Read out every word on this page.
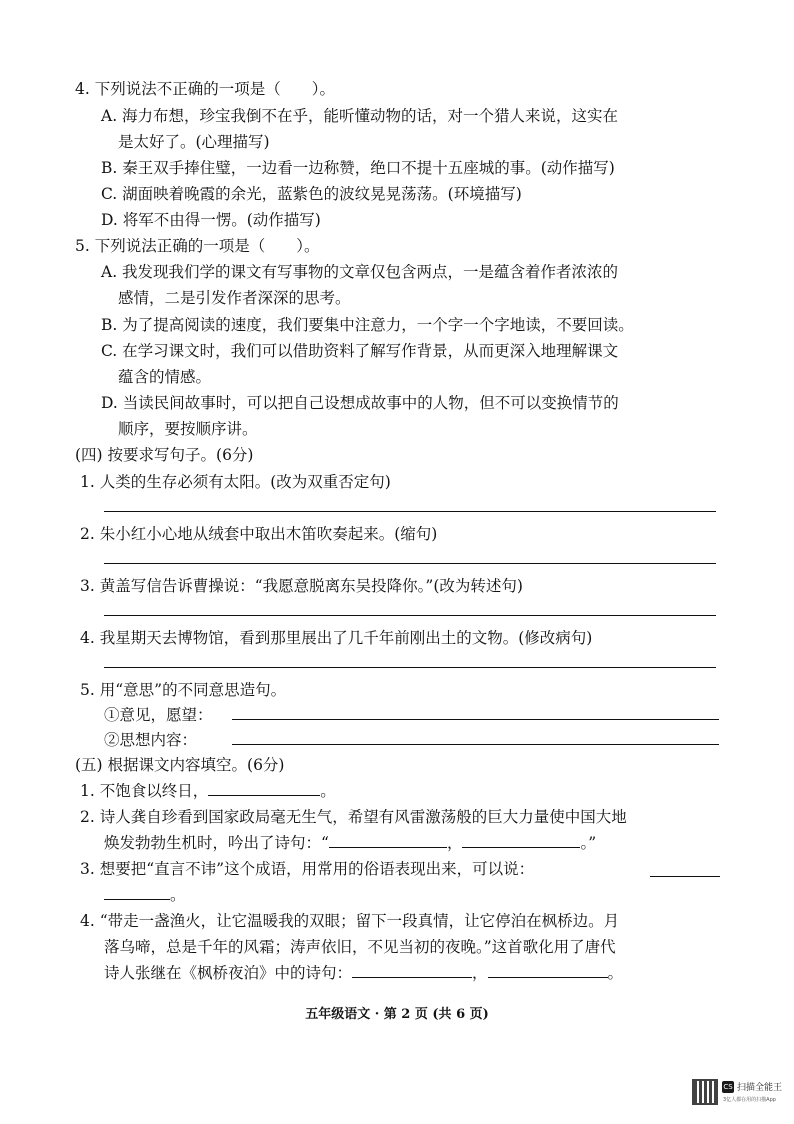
4. 下列说法不正确的一项是（　　）。
A. 海力布想，珍宝我倒不在乎，能听懂动物的话，对一个猎人来说，这实在
是太好了。(心理描写)
B. 秦王双手捧住璧，一边看一边称赞，绝口不提十五座城的事。(动作描写)
C. 湖面映着晚霞的余光，蓝紫色的波纹晃晃荡荡。(环境描写)
D. 将军不由得一愣。(动作描写)
5. 下列说法正确的一项是（　　）。
A. 我发现我们学的课文有写事物的文章仅包含两点，一是蕴含着作者浓浓的
感情，二是引发作者深深的思考。
B. 为了提高阅读的速度，我们要集中注意力，一个字一个字地读，不要回读。
C. 在学习课文时，我们可以借助资料了解写作背景，从而更深入地理解课文
蕴含的情感。
D. 当读民间故事时，可以把自己设想成故事中的人物，但不可以变换情节的
顺序，要按顺序讲。
(四) 按要求写句子。(6分)
1. 人类的生存必须有太阳。(改为双重否定句)
2. 朱小红小心地从绒套中取出木笛吹奏起来。(缩句)
3. 黄盖写信告诉曹操说：“我愿意脱离东吴投降你。”(改为转述句)
4. 我星期天去博物馆，看到那里展出了几千年前刚出土的文物。(修改病句)
5. 用“意思”的不同意思造句。
①意见，愿望：
②思想内容：
(五) 根据课文内容填空。(6分)
1. 不饱食以终日，	。
2. 诗人龚自珍看到国家政局毫无生气，希望有风雷激荡般的巨大力量使中国大地
焕发勃勃生机时，吟出了诗句：“	，	。”
3. 想要把“直言不讳”这个成语，用常用的俗语表现出来，可以说：
。
4. “带走一盏渔火，让它温暖我的双眼；留下一段真情，让它停泊在枫桥边。月
落乌啼，总是千年的风霜；涛声依旧，不见当初的夜晚。”这首歌化用了唐代
诗人张继在《枫桥夜泊》中的诗句：	，	。
五年级语文 · 第 2 页 (共 6 页)
CS 扫描全能王
3亿人都在用的扫描App
